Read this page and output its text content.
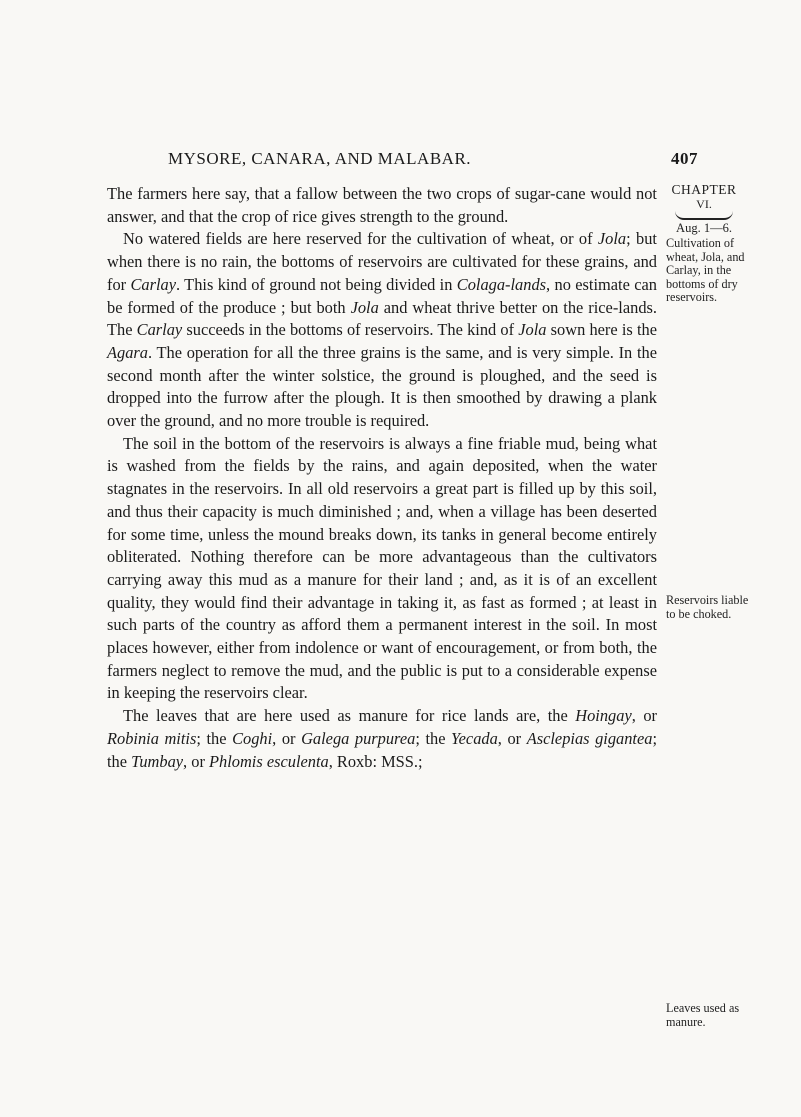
MYSORE, CANARA, AND MALABAR.	407
CHAPTER
VI.
Aug. 1—6.
Cultivation of wheat, Jola, and Carlay, in the bottoms of dry reservoirs.
Reservoirs liable to be choked.
Leaves used as manure.

The farmers here say, that a fallow between the two crops of sugar-cane would not answer, and that the crop of rice gives strength to the ground.

No watered fields are here reserved for the cultivation of wheat, or of Jola; but when there is no rain, the bottoms of reservoirs are cultivated for these grains, and for Carlay. This kind of ground not being divided in Colaga-lands, no estimate can be formed of the produce ; but both Jola and wheat thrive better on the rice-lands. The Carlay succeeds in the bottoms of reservoirs. The kind of Jola sown here is the Agara. The operation for all the three grains is the same, and is very simple. In the second month after the winter solstice, the ground is ploughed, and the seed is dropped into the furrow after the plough. It is then smoothed by drawing a plank over the ground, and no more trouble is required.

The soil in the bottom of the reservoirs is always a fine friable mud, being what is washed from the fields by the rains, and again deposited, when the water stagnates in the reservoirs. In all old reservoirs a great part is filled up by this soil, and thus their capacity is much diminished ; and, when a village has been deserted for some time, unless the mound breaks down, its tanks in general become entirely obliterated. Nothing therefore can be more advantageous than the cultivators carrying away this mud as a manure for their land ; and, as it is of an excellent quality, they would find their advantage in taking it, as fast as formed ; at least in such parts of the country as afford them a permanent interest in the soil. In most places however, either from indolence or want of encouragement, or from both, the farmers neglect to remove the mud, and the public is put to a considerable expense in keeping the reservoirs clear.

The leaves that are here used as manure for rice lands are, the Hoingay, or Robinia mitis; the Coghi, or Galega purpurea; the Yecada, or Asclepias gigantea; the Tumbay, or Phlomis esculenta, Roxb: MSS.;
